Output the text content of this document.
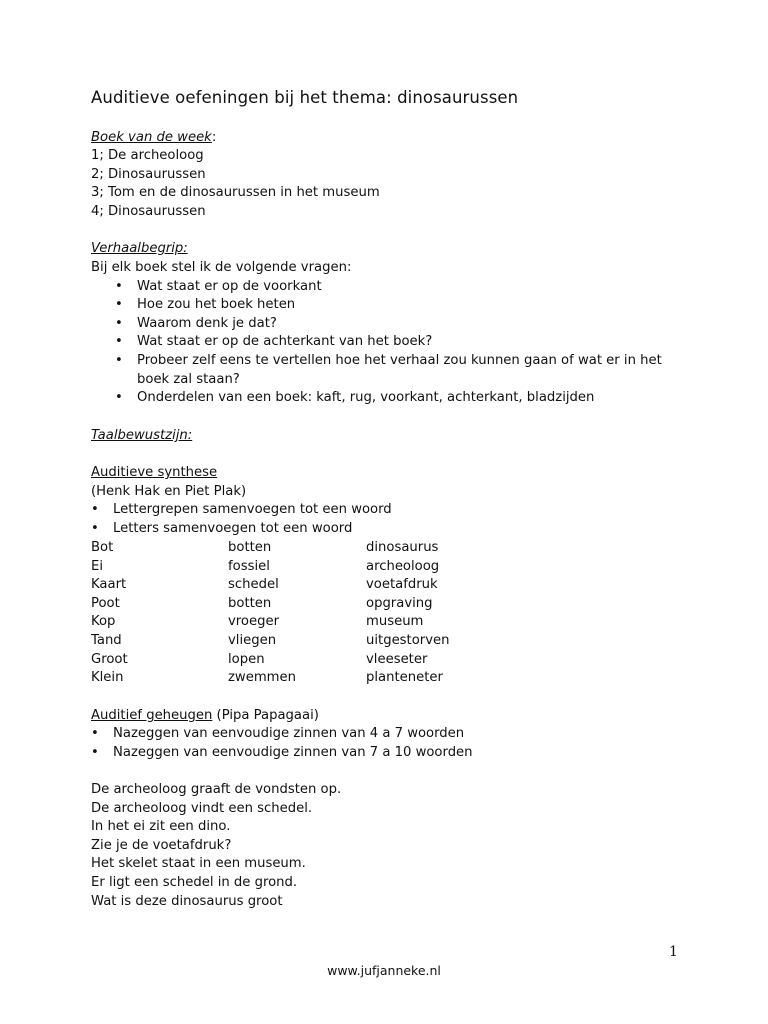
Auditieve oefeningen bij het thema: dinosaurussen
Boek van de week:
1; De archeoloog
2; Dinosaurussen
3; Tom en de dinosaurussen in het museum
4; Dinosaurussen
Verhaalbegrip:
Bij elk boek stel ik de volgende vragen:
• Wat staat er op de voorkant
• Hoe zou het boek heten
• Waarom denk je dat?
• Wat staat er op de achterkant van het boek?
• Probeer zelf eens te vertellen hoe het verhaal zou kunnen gaan of wat er in het
boek zal staan?
• Onderdelen van een boek: kaft, rug, voorkant, achterkant, bladzijden
Taalbewustzijn:
Auditieve synthese
(Henk Hak en Piet Plak)
• Lettergrepen samenvoegen tot een woord
• Letters samenvoegen tot een woord
Bot
Ei
Kaart
Poot
Kop
Tand
Groot
Klein
botten
fossiel
schedel
botten
vroeger
vliegen
lopen
zwemmen
dinosaurus
archeoloog
voetafdruk
opgraving
museum
uitgestorven
vleeseter
planteneter
Auditief geheugen (Pipa Papagaai)
• Nazeggen van eenvoudige zinnen van 4 a 7 woorden
• Nazeggen van eenvoudige zinnen van 7 a 10 woorden
De archeoloog graaft de vondsten op.
De archeoloog vindt een schedel.
In het ei zit een dino.
Zie je de voetafdruk?
Het skelet staat in een museum.
Er ligt een schedel in de grond.
Wat is deze dinosaurus groot
1
www.jufjanneke.nl
